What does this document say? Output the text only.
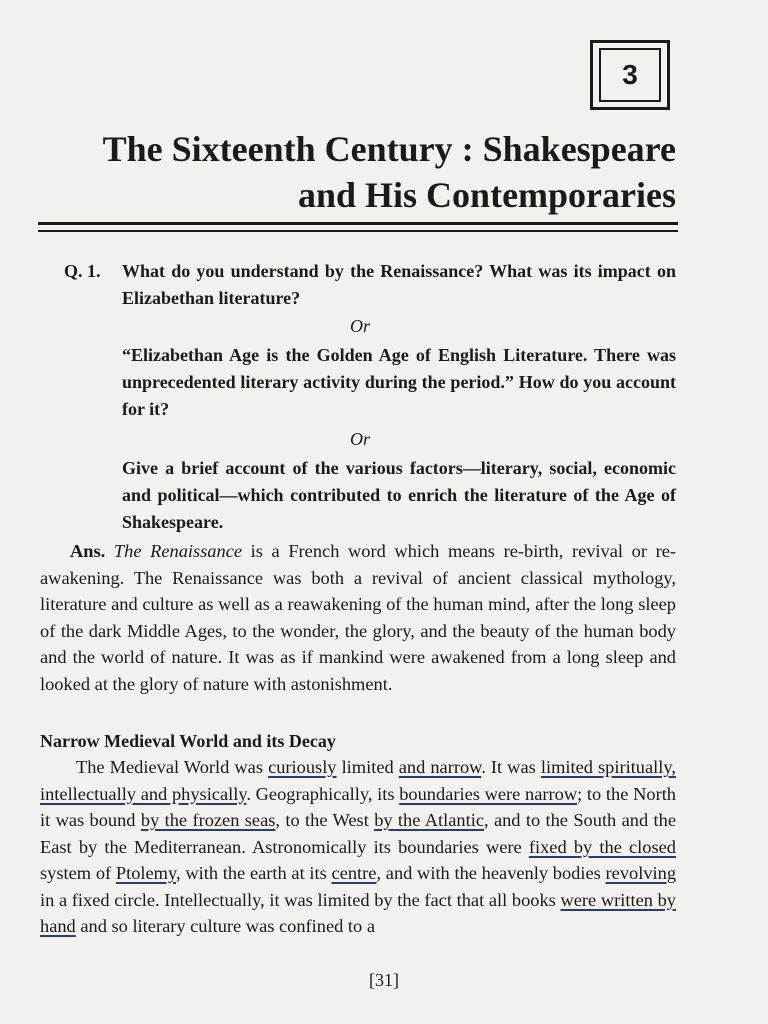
3
The Sixteenth Century : Shakespeare
and His Contemporaries
Q. 1. What do you understand by the Renaissance? What was its impact on Elizabethan literature?
Or
“Elizabethan Age is the Golden Age of English Literature. There was unprecedented literary activity during the period.” How do you account for it?
Or
Give a brief account of the various factors—literary, social, economic and political—which contributed to enrich the literature of the Age of Shakespeare.
Ans. The Renaissance is a French word which means re-birth, revival or re-awakening. The Renaissance was both a revival of ancient classical mythology, literature and culture as well as a reawakening of the human mind, after the long sleep of the dark Middle Ages, to the wonder, the glory, and the beauty of the human body and the world of nature. It was as if mankind were awakened from a long sleep and looked at the glory of nature with astonishment.
Narrow Medieval World and its Decay
The Medieval World was curiously limited and narrow. It was limited spiritually, intellectually and physically. Geographically, its boundaries were narrow; to the North it was bound by the frozen seas, to the West by the Atlantic, and to the South and the East by the Mediterranean. Astronomically its boundaries were fixed by the closed system of Ptolemy, with the earth at its centre, and with the heavenly bodies revolving in a fixed circle. Intellectually, it was limited by the fact that all books were written by hand and so literary culture was confined to a
[31]
